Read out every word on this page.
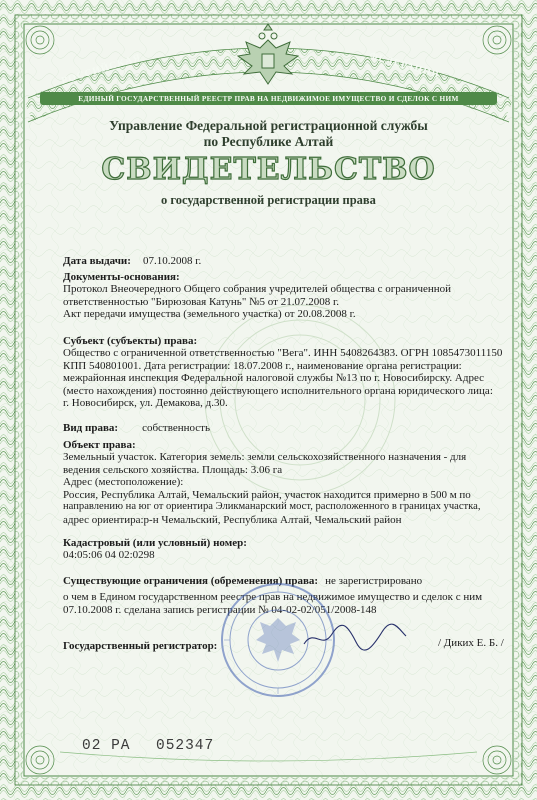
РОССИЙСКАЯ	ФЕДЕРАЦИЯ
ЕДИНЫЙ ГОСУДАРСТВЕННЫЙ РЕЕСТР ПРАВ НА НЕДВИЖИМОЕ ИМУЩЕСТВО И СДЕЛОК С НИМ
Управление Федеральной регистрационной службы
по Республике Алтай
СВИДЕТЕЛЬСТВО
о государственной регистрации права
Дата выдачи: 07.10.2008 г.
Документы-основания:
Протокол Внеочередного Общего собрания учредителей общества с ограниченной
ответственностью "Бирюзовая Катунь" №5 от 21.07.2008 г.
Акт передачи имущества (земельного участка) от 20.08.2008 г.
Субъект (субъекты) права:
Общество с ограниченной ответственностью "Вега". ИНН 5408264383. ОГРН 1085473011150
КПП 540801001. Дата регистрации: 18.07.2008 г., наименование органа регистрации:
межрайонная инспекция Федеральной налоговой службы №13 по г. Новосибирску. Адрес
(место нахождения) постоянно действующего исполнительного органа юридического лица:
г. Новосибирск, ул. Демакова, д.30.
Вид права: собственность
Объект права:
Земельный участок. Категория земель: земли сельскохозяйственного назначения - для
ведения сельского хозяйства. Площадь: 3.06 га
Адрес (местоположение):
Россия, Республика Алтай, Чемальский район, участок находится примерно в 500 м по
направлению на юг от ориентира Эликманарский мост, расположенного в границах участка,
адрес ориентира:р-н Чемальский, Республика Алтай, Чемальский район
Кадастровый (или условный) номер:
04:05:06 04 02:0298
Существующие ограничения (обременения) права: не зарегистрировано
о чем в Едином государственном реестре прав на недвижимое имущество и сделок с ним
07.10.2008 г. сделана запись регистрации № 04-02-02/051/2008-148
Государственный регистратор:	/ Диких Е. Б. /
02 РА 052347
